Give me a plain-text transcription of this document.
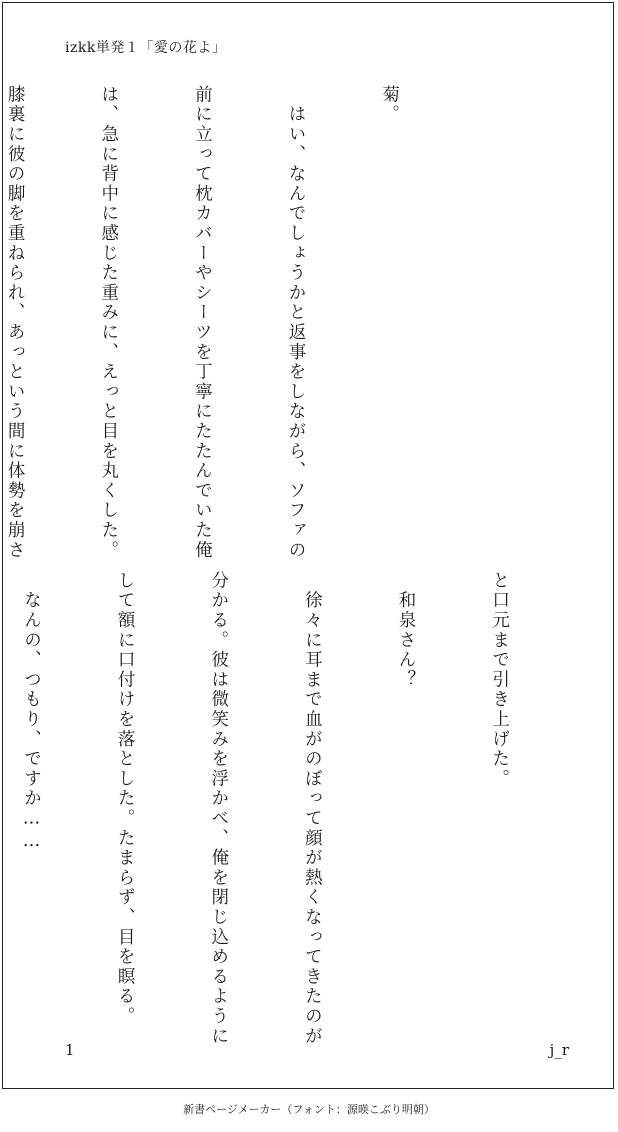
izkk単発１「愛の花よ」

菊。

　はい、なんでしょうかと返事をしながら、ソファの

前に立って枕カバーやシーツを丁寧にたたんでいた俺

は、急に背中に感じた重みに、えっと目を丸くした。

膝裏に彼の脚を重ねられ、あっという間に体勢を崩さ

と口元まで引き上げた。

　和泉さん？

　徐々に耳まで血がのぼって顔が熱くなってきたのが

分かる。彼は微笑みを浮かべ、俺を閉じ込めるように

して額に口付けを落とした。たまらず、目を瞑る。

　なんの、つもり、ですか……

1	j_r
新書ページメーカー（フォント：源暎こぶり明朝）
